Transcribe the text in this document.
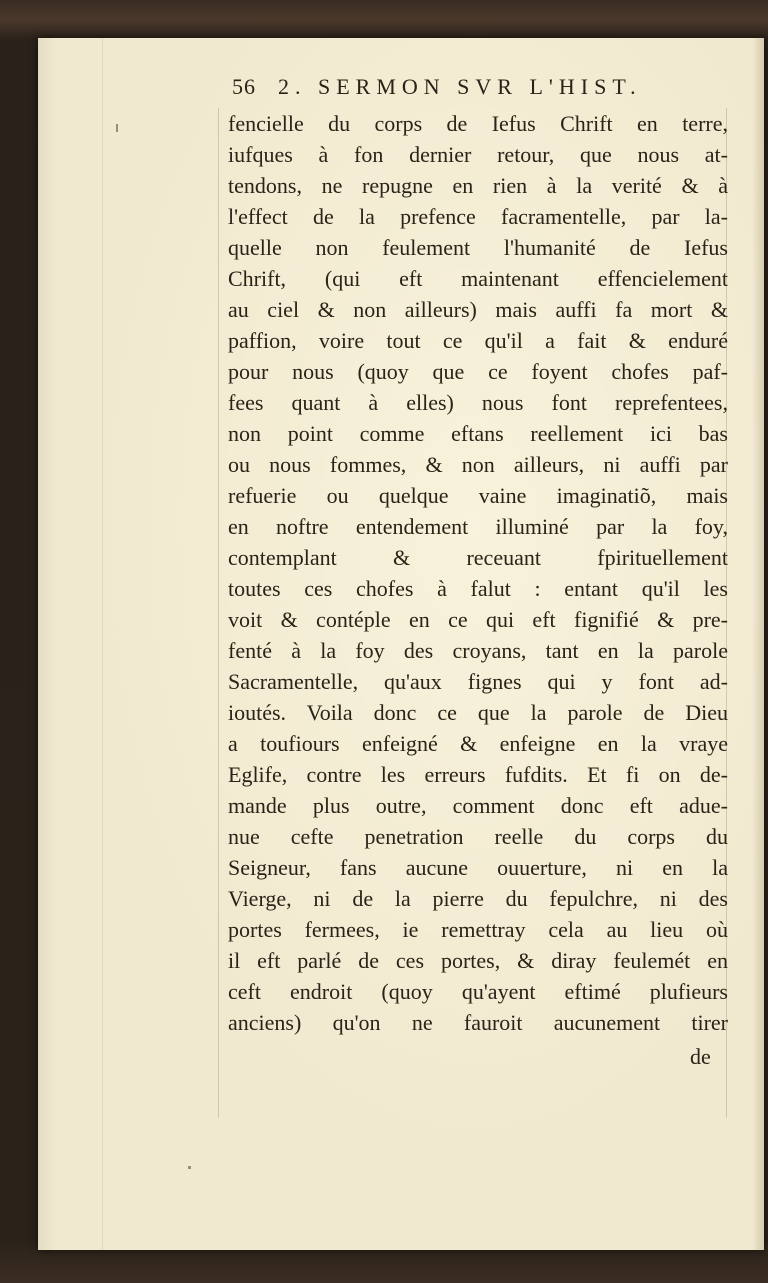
56 2. SERMON SVR L'HIST.
fencielle du corps de Iefus Chrift en terre,
iufques à fon dernier retour, que nous at-
tendons, ne repugne en rien à la verité & à
l'effect de la prefence facramentelle, par la-
quelle non feulement l'humanité de Iefus
Chrift, (qui eft maintenant effencielement
au ciel & non ailleurs) mais auffi fa mort &
paffion, voire tout ce qu'il a fait & enduré
pour nous (quoy que ce foyent chofes paf-
fees quant à elles) nous font reprefentees,
non point comme eftans reellement ici bas
ou nous fommes, & non ailleurs, ni auffi par
refuerie ou quelque vaine imaginatiõ, mais
en noftre entendement illuminé par la foy,
contemplant & receuant fpirituellement
toutes ces chofes à falut : entant qu'il les
voit & contéple en ce qui eft fignifié & pre-
fenté à la foy des croyans, tant en la parole
Sacramentelle, qu'aux fignes qui y font ad-
ioutés. Voila donc ce que la parole de Dieu
a toufiours enfeigné & enfeigne en la vraye
Eglife, contre les erreurs fufdits. Et fi on de-
mande plus outre, comment donc eft adue-
nue cefte penetration reelle du corps du
Seigneur, fans aucune ouuerture, ni en la
Vierge, ni de la pierre du fepulchre, ni des
portes fermees, ie remettray cela au lieu où
il eft parlé de ces portes, & diray feulemét en
ceft endroit (quoy qu'ayent eftimé plufieurs
anciens) qu'on ne fauroit aucunement tirer
de
